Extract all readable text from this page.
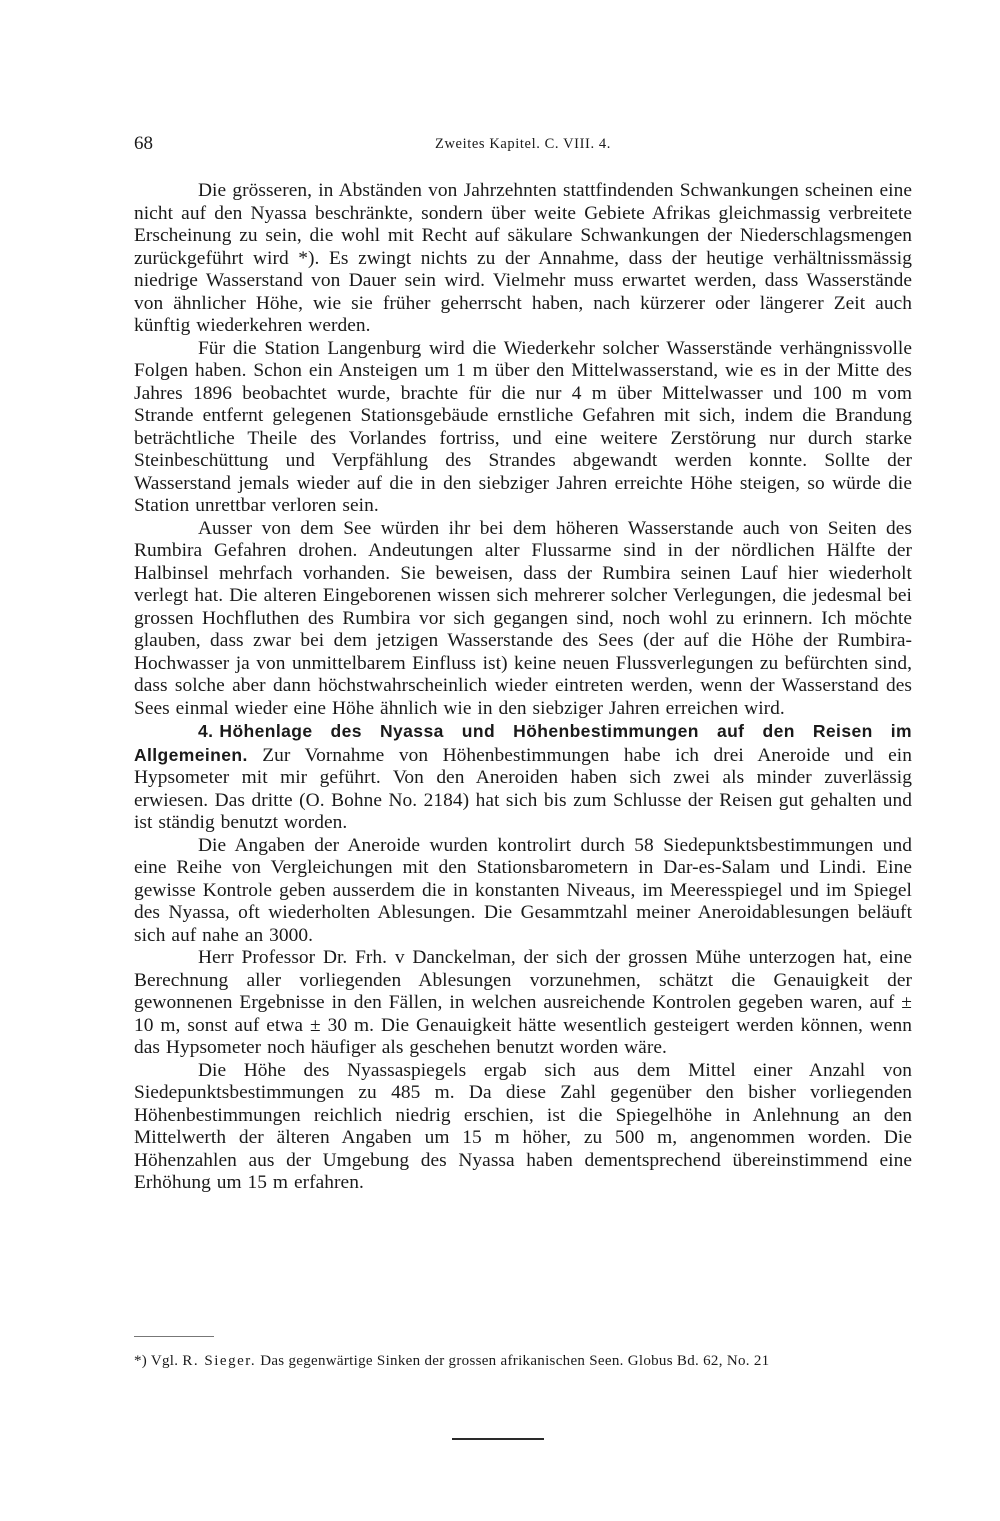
68	Zweites Kapitel. C. VIII. 4.

Die grösseren, in Abständen von Jahrzehnten stattfindenden Schwankungen scheinen eine nicht auf den Nyassa beschränkte, sondern über weite Gebiete Afrikas gleichmassig verbreitete Erscheinung zu sein, die wohl mit Recht auf säkulare Schwankungen der Niederschlagsmengen zurückgeführt wird *). Es zwingt nichts zu der Annahme, dass der heutige verhältnissmässig niedrige Wasserstand von Dauer sein wird. Vielmehr muss erwartet werden, dass Wasserstände von ähnlicher Höhe, wie sie früher geherrscht haben, nach kürzerer oder längerer Zeit auch künftig wiederkehren werden.

Für die Station Langenburg wird die Wiederkehr solcher Wasserstände verhängnissvolle Folgen haben. Schon ein Ansteigen um 1 m über den Mittelwasserstand, wie es in der Mitte des Jahres 1896 beobachtet wurde, brachte für die nur 4 m über Mittelwasser und 100 m vom Strande entfernt gelegenen Stationsgebäude ernstliche Gefahren mit sich, indem die Brandung beträchtliche Theile des Vorlandes fortriss, und eine weitere Zerstörung nur durch starke Steinbeschüttung und Verpfählung des Strandes abgewandt werden konnte. Sollte der Wasserstand jemals wieder auf die in den siebziger Jahren erreichte Höhe steigen, so würde die Station unrettbar verloren sein.

Ausser von dem See würden ihr bei dem höheren Wasserstande auch von Seiten des Rumbira Gefahren drohen. Andeutungen alter Flussarme sind in der nördlichen Hälfte der Halbinsel mehrfach vorhanden. Sie beweisen, dass der Rumbira seinen Lauf hier wiederholt verlegt hat. Die alteren Eingeborenen wissen sich mehrerer solcher Verlegungen, die jedesmal bei grossen Hochfluthen des Rumbira vor sich gegangen sind, noch wohl zu erinnern. Ich möchte glauben, dass zwar bei dem jetzigen Wasserstande des Sees (der auf die Höhe der Rumbira-Hochwasser ja von unmittelbarem Einfluss ist) keine neuen Flussverlegungen zu befürchten sind, dass solche aber dann höchstwahrscheinlich wieder eintreten werden, wenn der Wasserstand des Sees einmal wieder eine Höhe ähnlich wie in den siebziger Jahren erreichen wird.

4. Höhenlage des Nyassa und Höhenbestimmungen auf den Reisen im Allgemeinen. Zur Vornahme von Höhenbestimmungen habe ich drei Aneroide und ein Hypsometer mit mir geführt. Von den Aneroiden haben sich zwei als minder zuverlässig erwiesen. Das dritte (O. Bohne No. 2184) hat sich bis zum Schlusse der Reisen gut gehalten und ist ständig benutzt worden.

Die Angaben der Aneroide wurden kontrolirt durch 58 Siedepunktsbestimmungen und eine Reihe von Vergleichungen mit den Stationsbarometern in Dar-es-Salam und Lindi. Eine gewisse Kontrole geben ausserdem die in konstanten Niveaus, im Meeresspiegel und im Spiegel des Nyassa, oft wiederholten Ablesungen. Die Gesammtzahl meiner Aneroidablesungen beläuft sich auf nahe an 3000.

Herr Professor Dr. Frh. v Danckelman, der sich der grossen Mühe unterzogen hat, eine Berechnung aller vorliegenden Ablesungen vorzunehmen, schätzt die Genauigkeit der gewonnenen Ergebnisse in den Fällen, in welchen ausreichende Kontrolen gegeben waren, auf ± 10 m, sonst auf etwa ± 30 m. Die Genauigkeit hätte wesentlich gesteigert werden können, wenn das Hypsometer noch häufiger als geschehen benutzt worden wäre.

Die Höhe des Nyassaspiegels ergab sich aus dem Mittel einer Anzahl von Siedepunktsbestimmungen zu 485 m. Da diese Zahl gegenüber den bisher vorliegenden Höhenbestimmungen reichlich niedrig erschien, ist die Spiegelhöhe in Anlehnung an den Mittelwerth der älteren Angaben um 15 m höher, zu 500 m, angenommen worden. Die Höhenzahlen aus der Umgebung des Nyassa haben dementsprechend übereinstimmend eine Erhöhung um 15 m erfahren.

*) Vgl. R. Sieger. Das gegenwärtige Sinken der grossen afrikanischen Seen. Globus Bd. 62, No. 21
